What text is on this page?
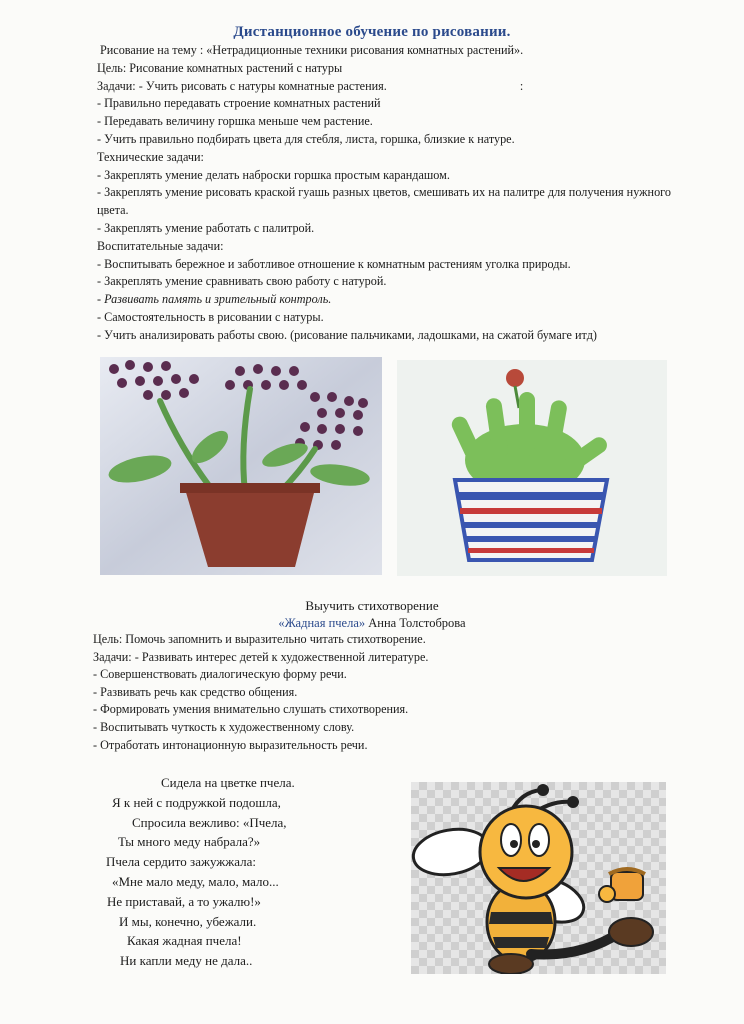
Дистанционное обучение по рисовании.
Рисование на тему : «Нетрадиционные техники рисования комнатных растений».
Цель: Рисование комнатных растений с натуры
Задачи: - Учить рисовать с натуры комнатные растения.	:
- Правильно передавать строение комнатных растений
- Передавать величину горшка меньше чем растение.
- Учить правильно подбирать цвета для стебля, листа, горшка, близкие к натуре.
Технические задачи:
- Закреплять умение делать наброски горшка простым карандашом.
- Закреплять умение рисовать краской гуашь разных цветов, смешивать их на палитре для получения нужного цвета.
- Закреплять умение работать с палитрой.
Воспитательные задачи:
- Воспитывать бережное и заботливое отношение к комнатным растениям уголка природы.
- Закреплять умение сравнивать свою работу с натурой.
- Развивать память и зрительный контроль.
- Самостоятельность в рисовании с натуры.
- Учить анализировать работы свою. (рисование пальчиками, ладошками, на сжатой бумаге итд)
Выучить стихотворение
«Жадная пчела» Анна Толстоброва
Цель: Помочь запомнить и выразительно читать стихотворение.
Задачи: - Развивать интерес детей к художественной литературе.
- Совершенствовать диалогическую форму речи.
- Развивать речь как средство общения.
- Формировать умения внимательно слушать стихотворения.
- Воспитывать чуткость к художественному слову.
- Отработать интонационную выразительность речи.
Сидела на цветке пчела.
Я к ней с подружкой подошла,
Спросила вежливо: «Пчела,
Ты много меду набрала?»
Пчела сердито зажужжала:
«Мне мало меду, мало, мало...
Не приставай, а то ужалю!»
И мы, конечно, убежали.
Какая жадная пчела!
Ни капли меду не дала..
